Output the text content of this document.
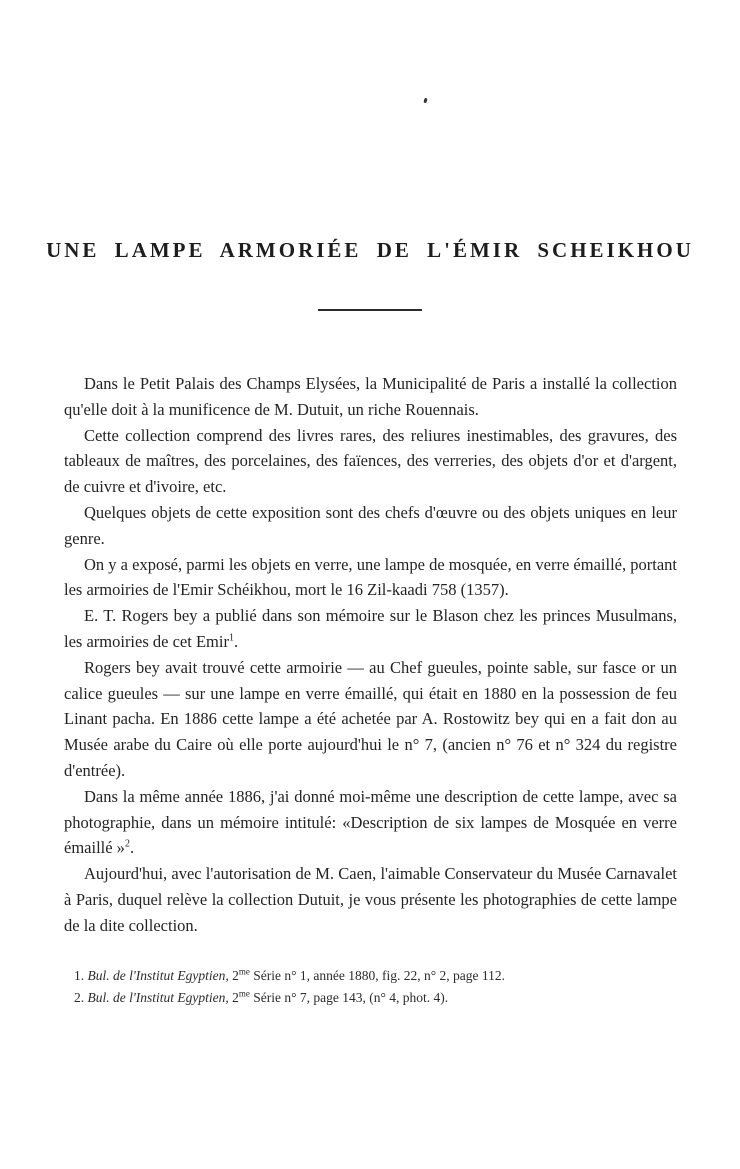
UNE LAMPE ARMORIÉE DE L'ÉMIR SCHEIKHOU

Dans le Petit Palais des Champs Elysées, la Municipalité de Paris a installé la collection qu'elle doit à la munificence de M. Dutuit, un riche Rouennais.

Cette collection comprend des livres rares, des reliures inestimables, des gravures, des tableaux de maîtres, des porcelaines, des faïences, des verreries, des objets d'or et d'argent, de cuivre et d'ivoire, etc.

Quelques objets de cette exposition sont des chefs d'œuvre ou des objets uniques en leur genre.

On y a exposé, parmi les objets en verre, une lampe de mosquée, en verre émaillé, portant les armoiries de l'Emir Schéikhou, mort le 16 Zil-kaadi 758 (1357).

E. T. Rogers bey a publié dans son mémoire sur le Blason chez les princes Musulmans, les armoiries de cet Emir$^1$.

Rogers bey avait trouvé cette armoirie — au Chef gueules, pointe sable, sur fasce or un calice gueules — sur une lampe en verre émaillé, qui était en 1880 en la possession de feu Linant pacha. En 1886 cette lampe a été achetée par A. Rostowitz bey qui en a fait don au Musée arabe du Caire où elle porte aujourd'hui le n° 7, (ancien n° 76 et n° 324 du registre d'entrée).

Dans la même année 1886, j'ai donné moi-même une description de cette lampe, avec sa photographie, dans un mémoire intitulé: «Description de six lampes de Mosquée en verre émaillé »$^2$.

Aujourd'hui, avec l'autorisation de M. Caen, l'aimable Conservateur du Musée Carnavalet à Paris, duquel relève la collection Dutuit, je vous présente les photographies de cette lampe de la dite collection.

1. Bul. de l'Institut Egyptien, $2^{me}$ Série n° 1, année 1880, fig. 22, n° 2, page 112.

2. Bul. de l'Institut Egyptien, $2^{me}$ Série n° 7, page 143, (n° 4, phot. 4).
